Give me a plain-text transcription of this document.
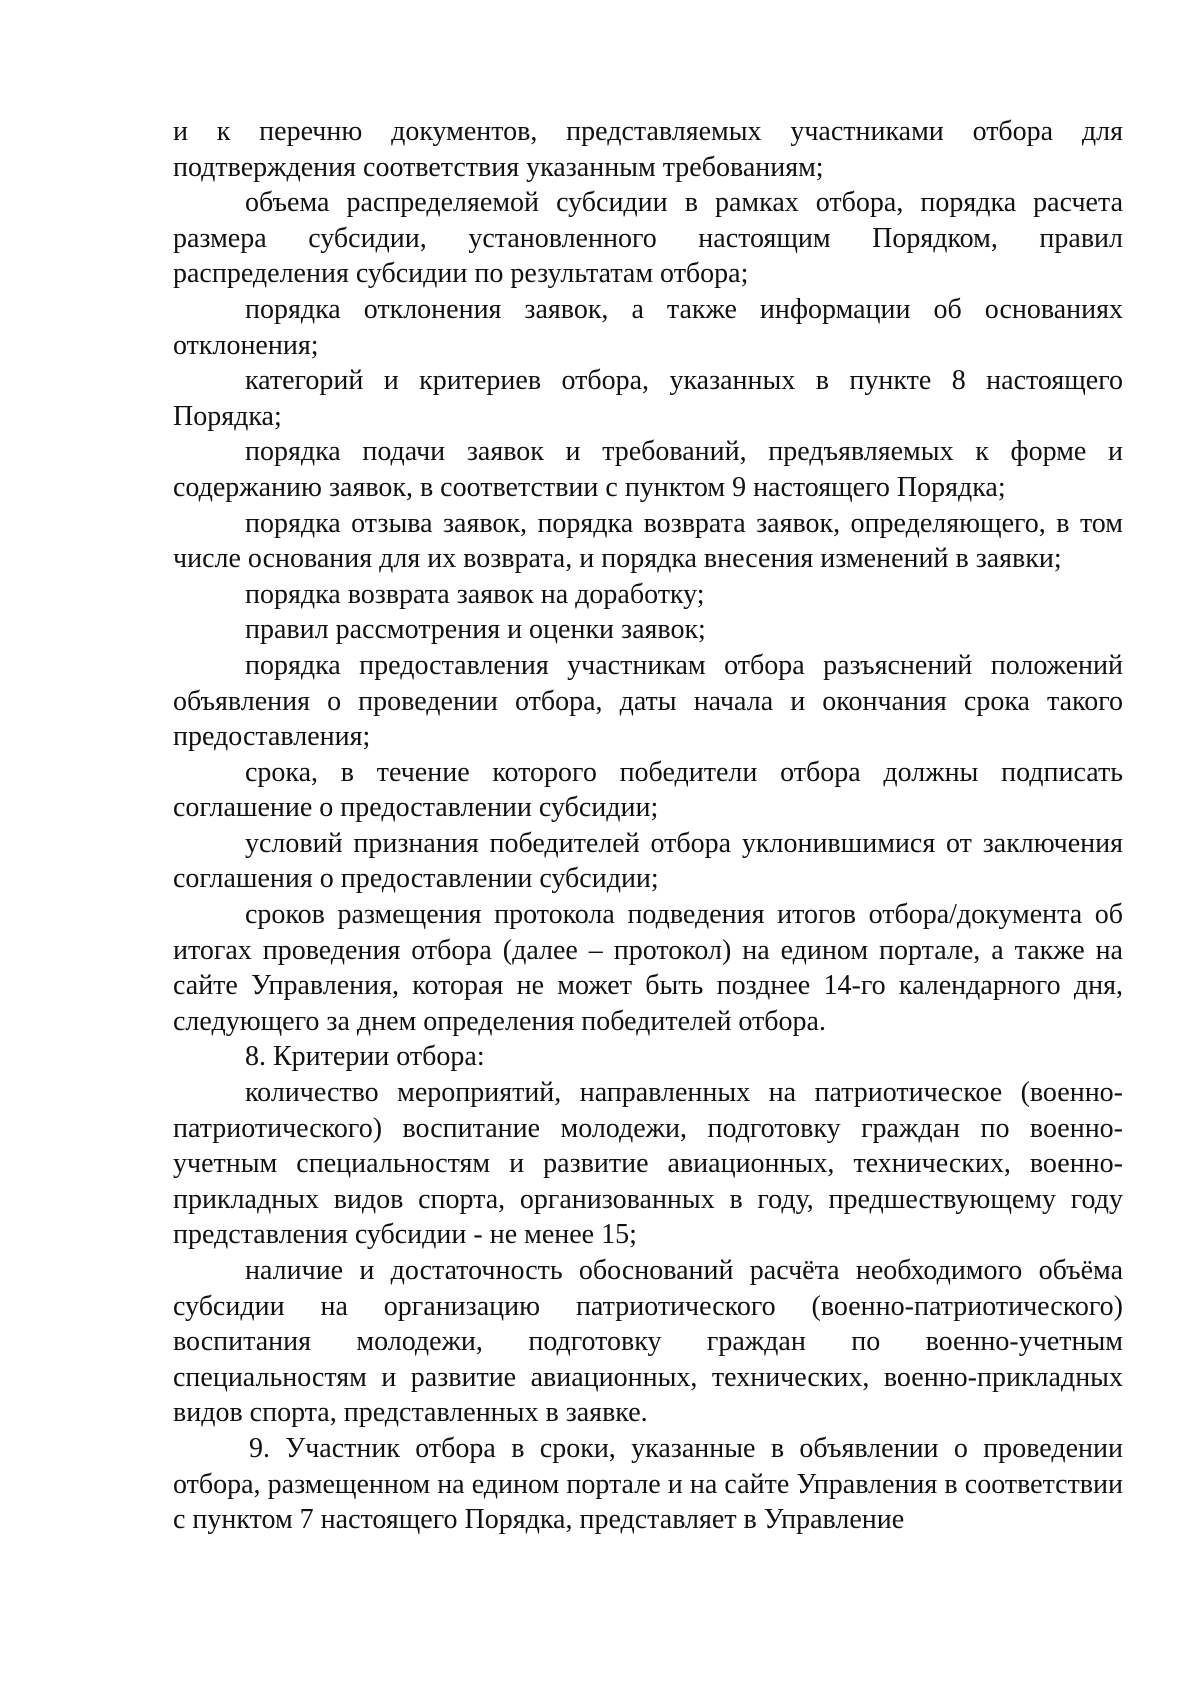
и к перечню документов, представляемых участниками отбора для подтверждения соответствия указанным требованиям;

объема распределяемой субсидии в рамках отбора, порядка расчета размера субсидии, установленного настоящим Порядком, правил распределения субсидии по результатам отбора;

порядка отклонения заявок, а также информации об основаниях отклонения;

категорий и критериев отбора, указанных в пункте 8 настоящего Порядка;

порядка подачи заявок и требований, предъявляемых к форме и содержанию заявок, в соответствии с пунктом 9 настоящего Порядка;

порядка отзыва заявок, порядка возврата заявок, определяющего, в том числе основания для их возврата, и порядка внесения изменений в заявки;

порядка возврата заявок на доработку;

правил рассмотрения и оценки заявок;

порядка предоставления участникам отбора разъяснений положений объявления о проведении отбора, даты начала и окончания срока такого предоставления;

срока, в течение которого победители отбора должны подписать соглашение о предоставлении субсидии;

условий признания победителей отбора уклонившимися от заключения соглашения о предоставлении субсидии;

сроков размещения протокола подведения итогов отбора/документа об итогах проведения отбора (далее – протокол) на едином портале, а также на сайте Управления, которая не может быть позднее 14-го календарного дня, следующего за днем определения победителей отбора.

8. Критерии отбора:

количество мероприятий, направленных на патриотическое (военно-патриотического) воспитание молодежи, подготовку граждан по военно-учетным специальностям и развитие авиационных, технических, военно-прикладных видов спорта, организованных в году, предшествующему году представления субсидии - не менее 15;

наличие и достаточность обоснований расчёта необходимого объёма субсидии на организацию патриотического (военно-патриотического) воспитания молодежи, подготовку граждан по военно-учетным специальностям и развитие авиационных, технических, военно-прикладных видов спорта, представленных в заявке.

9. Участник отбора в сроки, указанные в объявлении о проведении отбора, размещенном на едином портале и на сайте Управления в соответствии с пунктом 7 настоящего Порядка, представляет в Управление
